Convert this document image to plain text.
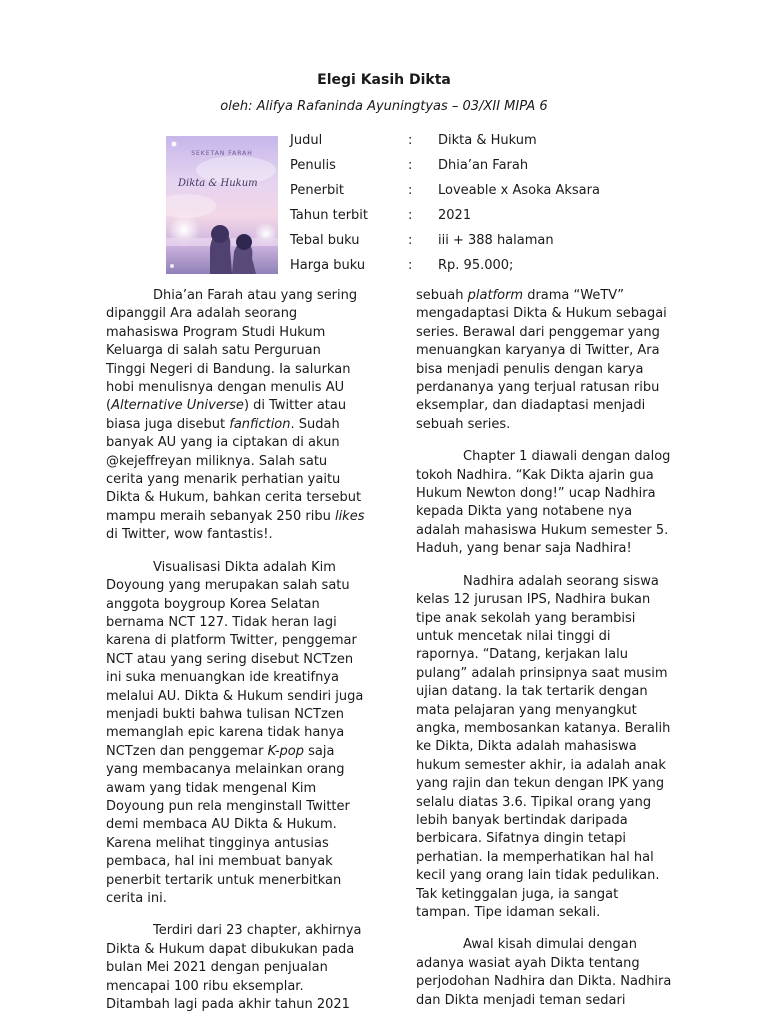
Elegi Kasih Dikta
oleh: Alifya Rafaninda Ayuningtyas – 03/XII MIPA 6
SEKETAN FARAH
Dikta & Hukum
Judul	:	Dikta & Hukum
Penulis	:	Dhia’an Farah
Penerbit	:	Loveable x Asoka Aksara
Tahun terbit	:	2021
Tebal buku	:	iii + 388 halaman
Harga buku	:	Rp. 95.000;

Dhia’an Farah atau yang sering
dipanggil Ara adalah seorang
mahasiswa Program Studi Hukum
Keluarga di salah satu Perguruan
Tinggi Negeri di Bandung. Ia salurkan
hobi menulisnya dengan menulis AU
(Alternative Universe) di Twitter atau
biasa juga disebut fanfiction. Sudah
banyak AU yang ia ciptakan di akun
@kejeffreyan miliknya. Salah satu
cerita yang menarik perhatian yaitu
Dikta & Hukum, bahkan cerita tersebut
mampu meraih sebanyak 250 ribu likes
di Twitter, wow fantastis!.

Visualisasi Dikta adalah Kim
Doyoung yang merupakan salah satu
anggota boygroup Korea Selatan
bernama NCT 127. Tidak heran lagi
karena di platform Twitter, penggemar
NCT atau yang sering disebut NCTzen
ini suka menuangkan ide kreatifnya
melalui AU. Dikta & Hukum sendiri juga
menjadi bukti bahwa tulisan NCTzen
memanglah epic karena tidak hanya
NCTzen dan penggemar K-pop saja
yang membacanya melainkan orang
awam yang tidak mengenal Kim
Doyoung pun rela menginstall Twitter
demi membaca AU Dikta & Hukum.
Karena melihat tingginya antusias
pembaca, hal ini membuat banyak
penerbit tertarik untuk menerbitkan
cerita ini.

Terdiri dari 23 chapter, akhirnya
Dikta & Hukum dapat dibukukan pada
bulan Mei 2021 dengan penjualan
mencapai 100 ribu eksemplar.
Ditambah lagi pada akhir tahun 2021

sebuah platform drama “WeTV”
mengadaptasi Dikta & Hukum sebagai
series. Berawal dari penggemar yang
menuangkan karyanya di Twitter, Ara
bisa menjadi penulis dengan karya
perdananya yang terjual ratusan ribu
eksemplar, dan diadaptasi menjadi
sebuah series.

Chapter 1 diawali dengan dalog
tokoh Nadhira. “Kak Dikta ajarin gua
Hukum Newton dong!” ucap Nadhira
kepada Dikta yang notabene nya
adalah mahasiswa Hukum semester 5.
Haduh, yang benar saja Nadhira!

Nadhira adalah seorang siswa
kelas 12 jurusan IPS, Nadhira bukan
tipe anak sekolah yang berambisi
untuk mencetak nilai tinggi di
rapornya. “Datang, kerjakan lalu
pulang” adalah prinsipnya saat musim
ujian datang. Ia tak tertarik dengan
mata pelajaran yang menyangkut
angka, membosankan katanya. Beralih
ke Dikta, Dikta adalah mahasiswa
hukum semester akhir, ia adalah anak
yang rajin dan tekun dengan IPK yang
selalu diatas 3.6. Tipikal orang yang
lebih banyak bertindak daripada
berbicara. Sifatnya dingin tetapi
perhatian. Ia memperhatikan hal hal
kecil yang orang lain tidak pedulikan.
Tak ketinggalan juga, ia sangat
tampan. Tipe idaman sekali.

Awal kisah dimulai dengan
adanya wasiat ayah Dikta tentang
perjodohan Nadhira dan Dikta. Nadhira
dan Dikta menjadi teman sedari
